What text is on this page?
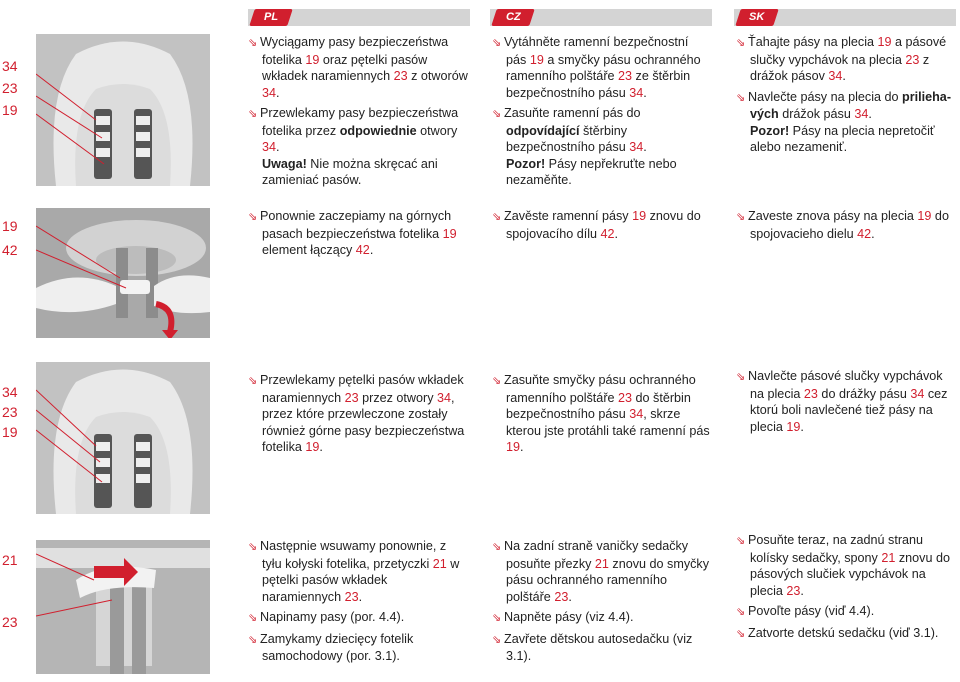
PL	CZ	SK
34
23
19

⇘ Wyciągamy pasy bezpieczeństwa fotelika 19 oraz pętelki pasów wkładek naramiennych 23 z otworów 34.

⇘ Przewlekamy pasy bezpieczeństwa fotelika przez odpowiednie otwory 34.
Uwaga! Nie można skręcać ani zamieniać pasów.

⇘ Vytáhněte ramenní bezpečnostní pás 19 a smyčky pásu ochranného ramenního polštáře 23 ze štěrbin bezpečnostního pásu 34.

⇘ Zasuňte ramenní pás do odpovídající štěrbiny bezpečnostního pásu 34.
Pozor! Pásy nepřekruťte nebo nezaměňte.

⇘ Ťahajte pásy na plecia 19 a pásové slučky vypchávok na plecia 23 z drážok pásov 34.

⇘ Navlečte pásy na plecia do priliehavých drážok pásu 34.
Pozor! Pásy na plecia nepretočiť alebo nezameniť.

19
42

⇘ Ponownie zaczepiamy na górnych pasach bezpieczeństwa fotelika 19 element łączący 42.

⇘ Zavěste ramenní pásy 19 znovu do spojovacího dílu 42.

⇘ Zaveste znova pásy na plecia 19 do spojovacieho dielu 42.

34
23
19

⇘ Przewlekamy pętelki pasów wkładek naramiennych 23 przez otwory 34, przez które przewleczone zostały również górne pasy bezpieczeństwa fotelika 19.

⇘ Zasuňte smyčky pásu ochranného ramenního polštáře 23 do štěrbin bezpečnostního pásu 34, skrze kterou jste protáhli také ramenní pás 19.

⇘ Navlečte pásové slučky vypchávok na plecia 23 do drážky pásu 34 cez ktorú boli navlečené tiež pásy na plecia 19.

21
23

⇘ Następnie wsuwamy ponownie, z tyłu kołyski fotelika, przetyczki 21 w pętelki pasów wkładek naramiennych 23.

⇘ Napinamy pasy (por. 4.4).

⇘ Zamykamy dziecięcy fotelik samochodowy (por. 3.1).

⇘ Na zadní straně vaničky sedačky posuňte přezky 21 znovu do smyčky pásu ochranného ramenního polštáře 23.

⇘ Napněte pásy (viz 4.4).

⇘ Zavřete dětskou autosedačku (viz 3.1).

⇘ Posuňte teraz, na zadnú stranu kolísky sedačky, spony 21 znovu do pásových slučiek vypchávok na plecia 23.

⇘ Povoľte pásy (viď 4.4).

⇘ Zatvorte detskú sedačku (viď 3.1).
